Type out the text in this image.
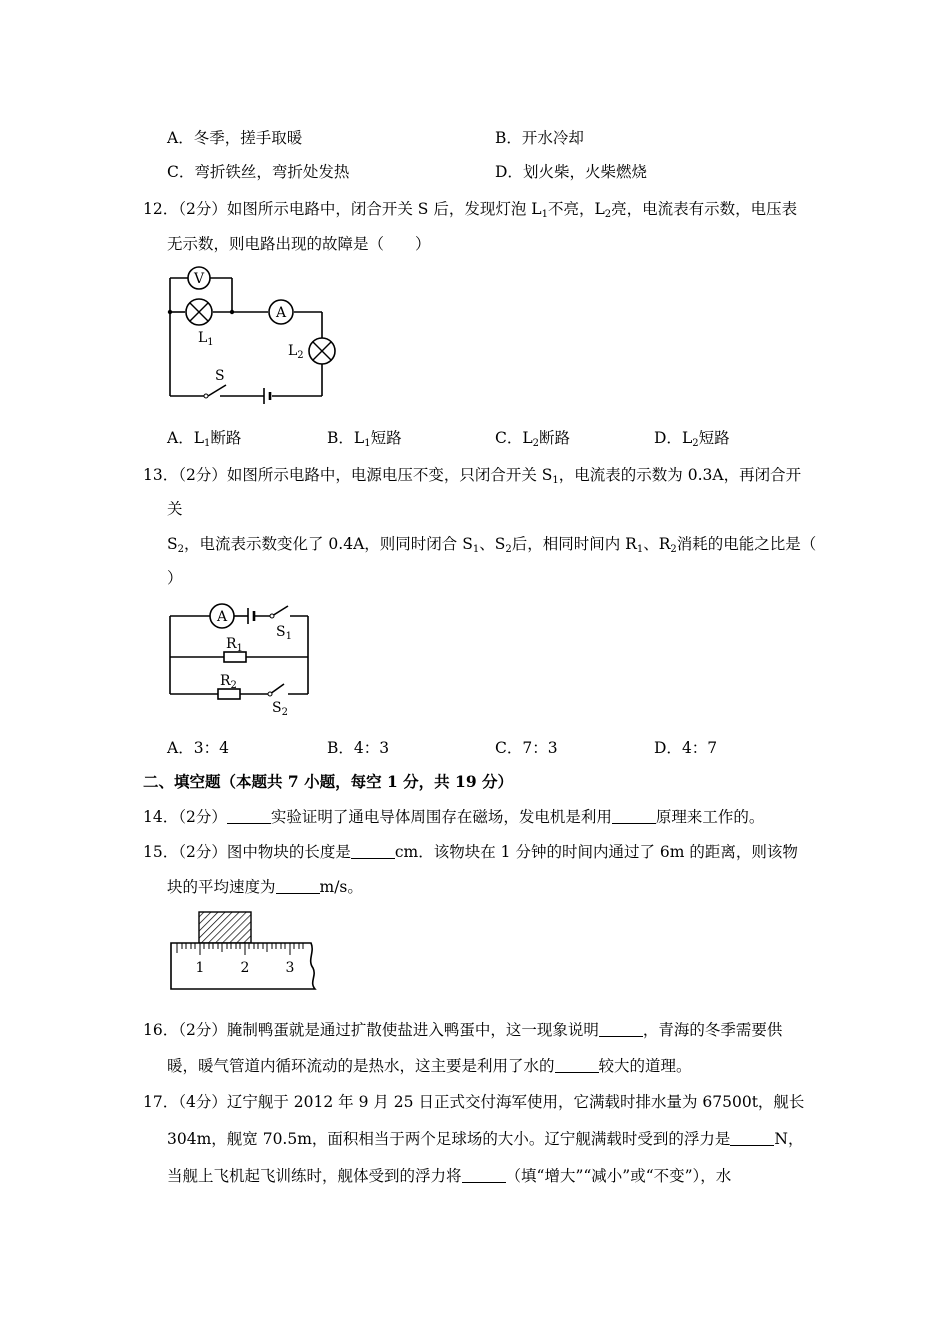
A．冬季，搓手取暖	B．开水冷却
C．弯折铁丝，弯折处发热	D．划火柴，火柴燃烧
12．（2分）如图所示电路中，闭合开关 S 后，发现灯泡 $L_1$不亮，$L_2$亮，电流表有示数，电压表
无示数，则电路出现的故障是（　　）
V
$L_1$
A
$L_2$
S
A．$L_1$断路	B．$L_1$短路	C．$L_2$断路	D．$L_2$短路
13．（2分）如图所示电路中，电源电压不变，只闭合开关 $S_1$，电流表的示数为 0.3A，再闭合开
关
$S_2$，电流表示数变化了 0.4A，则同时闭合 $S_1$、$S_2$后，相同时间内 $R_1$、$R_2$消耗的电能之比是（
）
A
$S_1$
$R_1$
$R_2$
$S_2$
A．3：4	B．4：3	C．7：3	D．4：7
二、填空题（本题共 7 小题，每空 1 分，共 19 分）
14．（2分）	实验证明了通电导体周围存在磁场，发电机是利用	原理来工作的。
15．（2分）图中物块的长度是	cm．该物块在 1 分钟的时间内通过了 6m 的距离，则该物
块的平均速度为	m/s。
1	2	3
16．（2分）腌制鸭蛋就是通过扩散使盐进入鸭蛋中，这一现象说明	，青海的冬季需要供
暖，暖气管道内循环流动的是热水，这主要是利用了水的	较大的道理。
17．（4分）辽宁舰于 2012 年 9 月 25 日正式交付海军使用，它满载时排水量为 67500t，舰长
304m，舰宽 70.5m，面积相当于两个足球场的大小。辽宁舰满载时受到的浮力是	N，
当舰上飞机起飞训练时，舰体受到的浮力将	（填“增大”“减小”或“不变”），水
